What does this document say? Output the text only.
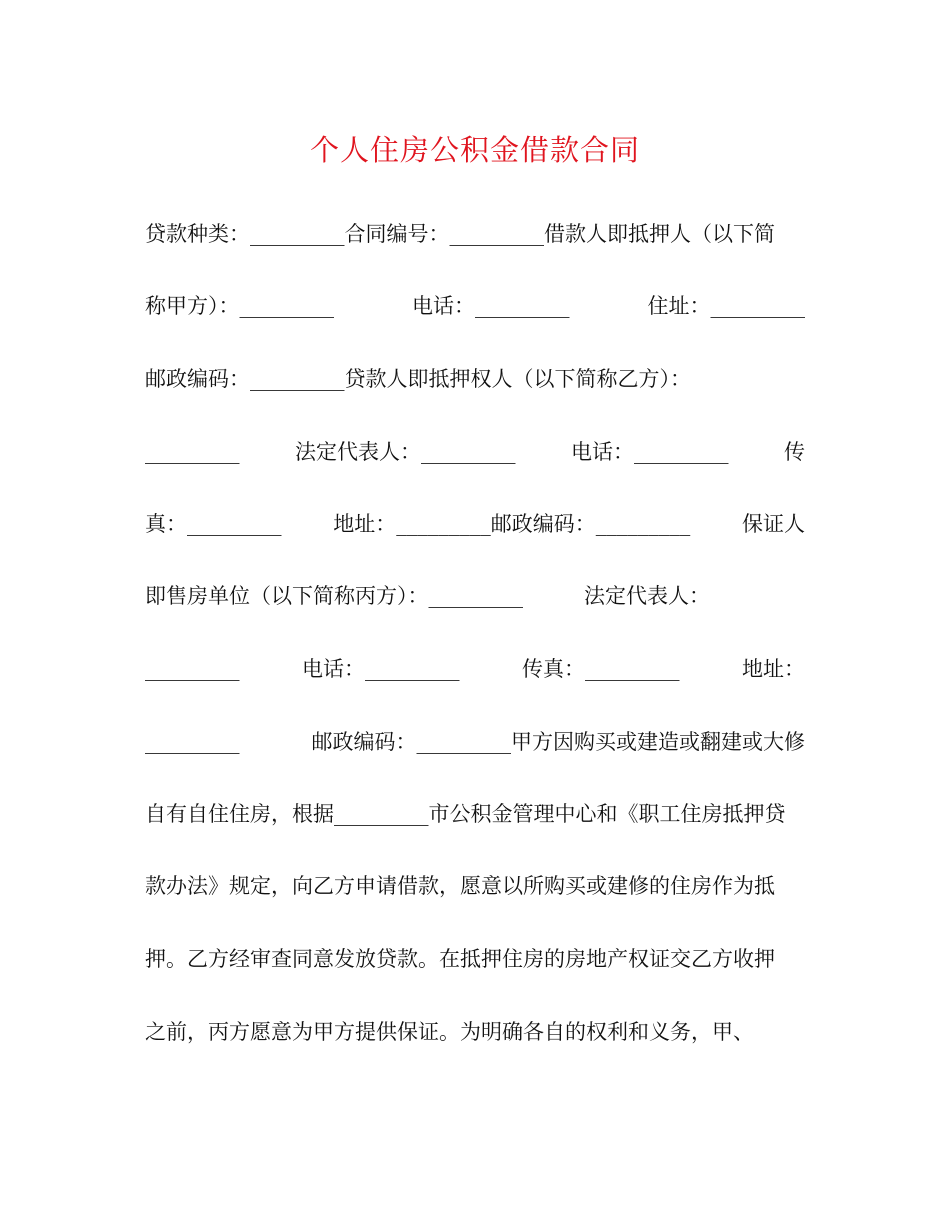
个人住房公积金借款合同
贷款种类：_________合同编号：_________借款人即抵押人（以下简
称甲方）：_________	电话：_________	住址：_________
邮政编码：_________贷款人即抵押权人（以下简称乙方）：
_________	法定代表人：_________	电话：_________	传
真：_________ 地址：_________邮政编码：_________ 保证人
即售房单位（以下简称丙方）：_________	法定代表人：
_________	电话：_________	传真：_________	地址：
_________	邮政编码：_________甲方因购买或建造或翻建或大修
自有自住住房，根据_________市公积金管理中心和《职工住房抵押贷
款办法》规定，向乙方申请借款，愿意以所购买或建修的住房作为抵
押。乙方经审查同意发放贷款。在抵押住房的房地产权证交乙方收押
之前，丙方愿意为甲方提供保证。为明确各自的权利和义务，甲、
